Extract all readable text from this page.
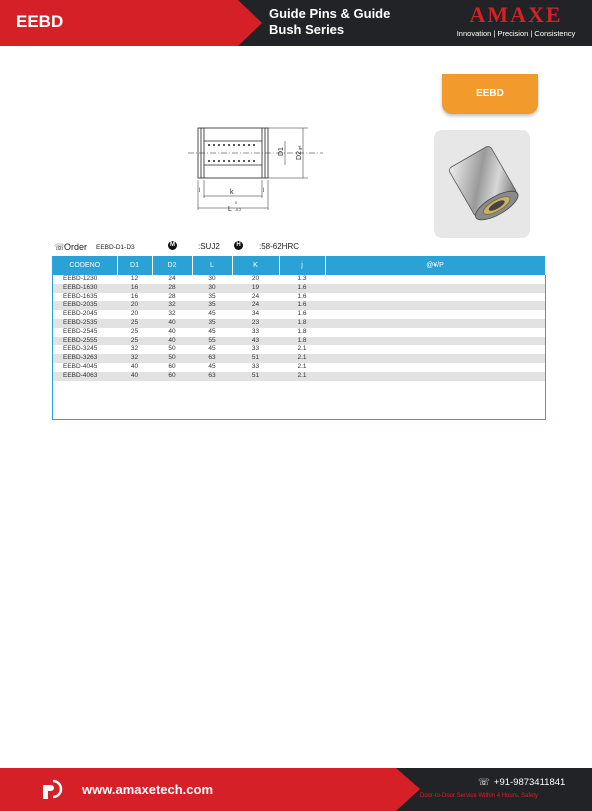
EEBD	Guide Pins & Guide
Bush Series
AMAXE
Innovation | Precision | Consistency
EEBD
D1 D2
g6
k
L
0
-0.2
j	j
☏
Order EEBD-D1-D3	M	:SUJ2	H :58-62HRC
CODENO	D1	D2	L	K	j	@¥/P
EEBD-1230	12	24	30	20	1.3	
EEBD-1630	16	28	30	19	1.6	
EEBD-1635	16	28	35	24	1.6	
EEBD-2035	20	32	35	24	1.6	
EEBD-2045	20	32	45	34	1.6	
EEBD-2535	25	40	35	23	1.8	
EEBD-2545	25	40	45	33	1.8	
EEBD-2555	25	40	55	43	1.8	
EEBD-3245	32	50	45	33	2.1	
EEBD-3263	32	50	63	51	2.1	
EEBD-4045	40	60	45	33	2.1	
EEBD-4063	40	60	63	51	2.1	
www.amaxetech.com	☏ +91-9873411841
Door-to-Door Service Within 4 Hours, Safety
